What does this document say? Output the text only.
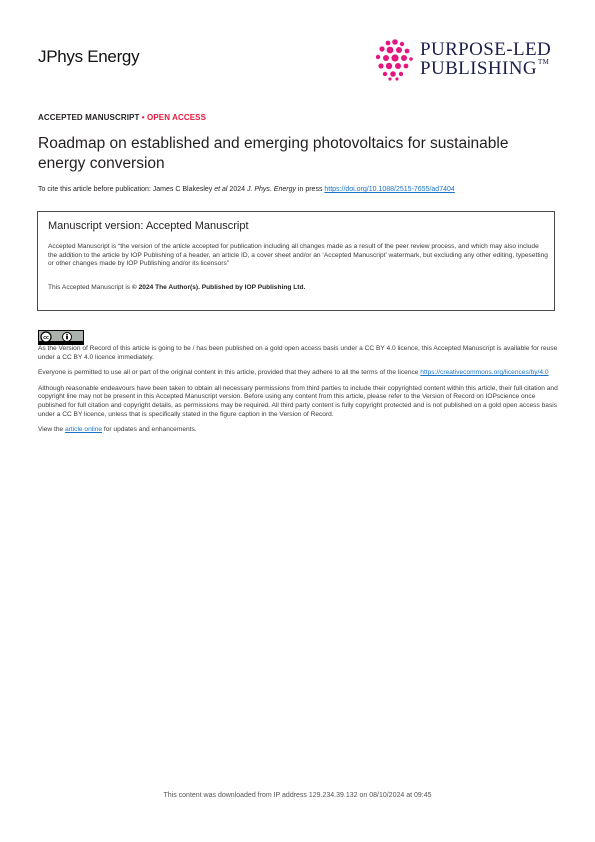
JPhys Energy	PURPOSE-LED
PUBLISHING™
ACCEPTED MANUSCRIPT • OPEN ACCESS
Roadmap on established and emerging photovoltaics for sustainable energy conversion
To cite this article before publication: James C Blakesley et al 2024 J. Phys. Energy in press https://doi.org/10.1088/2515-7655/ad7404
Manuscript version: Accepted Manuscript
Accepted Manuscript is “the version of the article accepted for publication including all changes made as a result of the peer review process, and which may also include the addition to the article by IOP Publishing of a header, an article ID, a cover sheet and/or an ‘Accepted Manuscript’ watermark, but excluding any other editing, typesetting or other changes made by IOP Publishing and/or its licensors”
This Accepted Manuscript is © 2024 The Author(s). Published by IOP Publishing Ltd.
cc

As the Version of Record of this article is going to be / has been published on a gold open access basis under a CC BY 4.0 licence, this Accepted Manuscript is available for reuse under a CC BY 4.0 licence immediately.

Everyone is permitted to use all or part of the original content in this article, provided that they adhere to all the terms of the licence https://creativecommons.org/licences/by/4.0

Although reasonable endeavours have been taken to obtain all necessary permissions from third parties to include their copyrighted content within this article, their full citation and copyright line may not be present in this Accepted Manuscript version. Before using any content from this article, please refer to the Version of Record on IOPscience once published for full citation and copyright details, as permissions may be required. All third party content is fully copyright protected and is not published on a gold open access basis under a CC BY licence, unless that is specifically stated in the figure caption in the Version of Record.

View the article online for updates and enhancements.

This content was downloaded from IP address 129.234.39.132 on 08/10/2024 at 09:45
